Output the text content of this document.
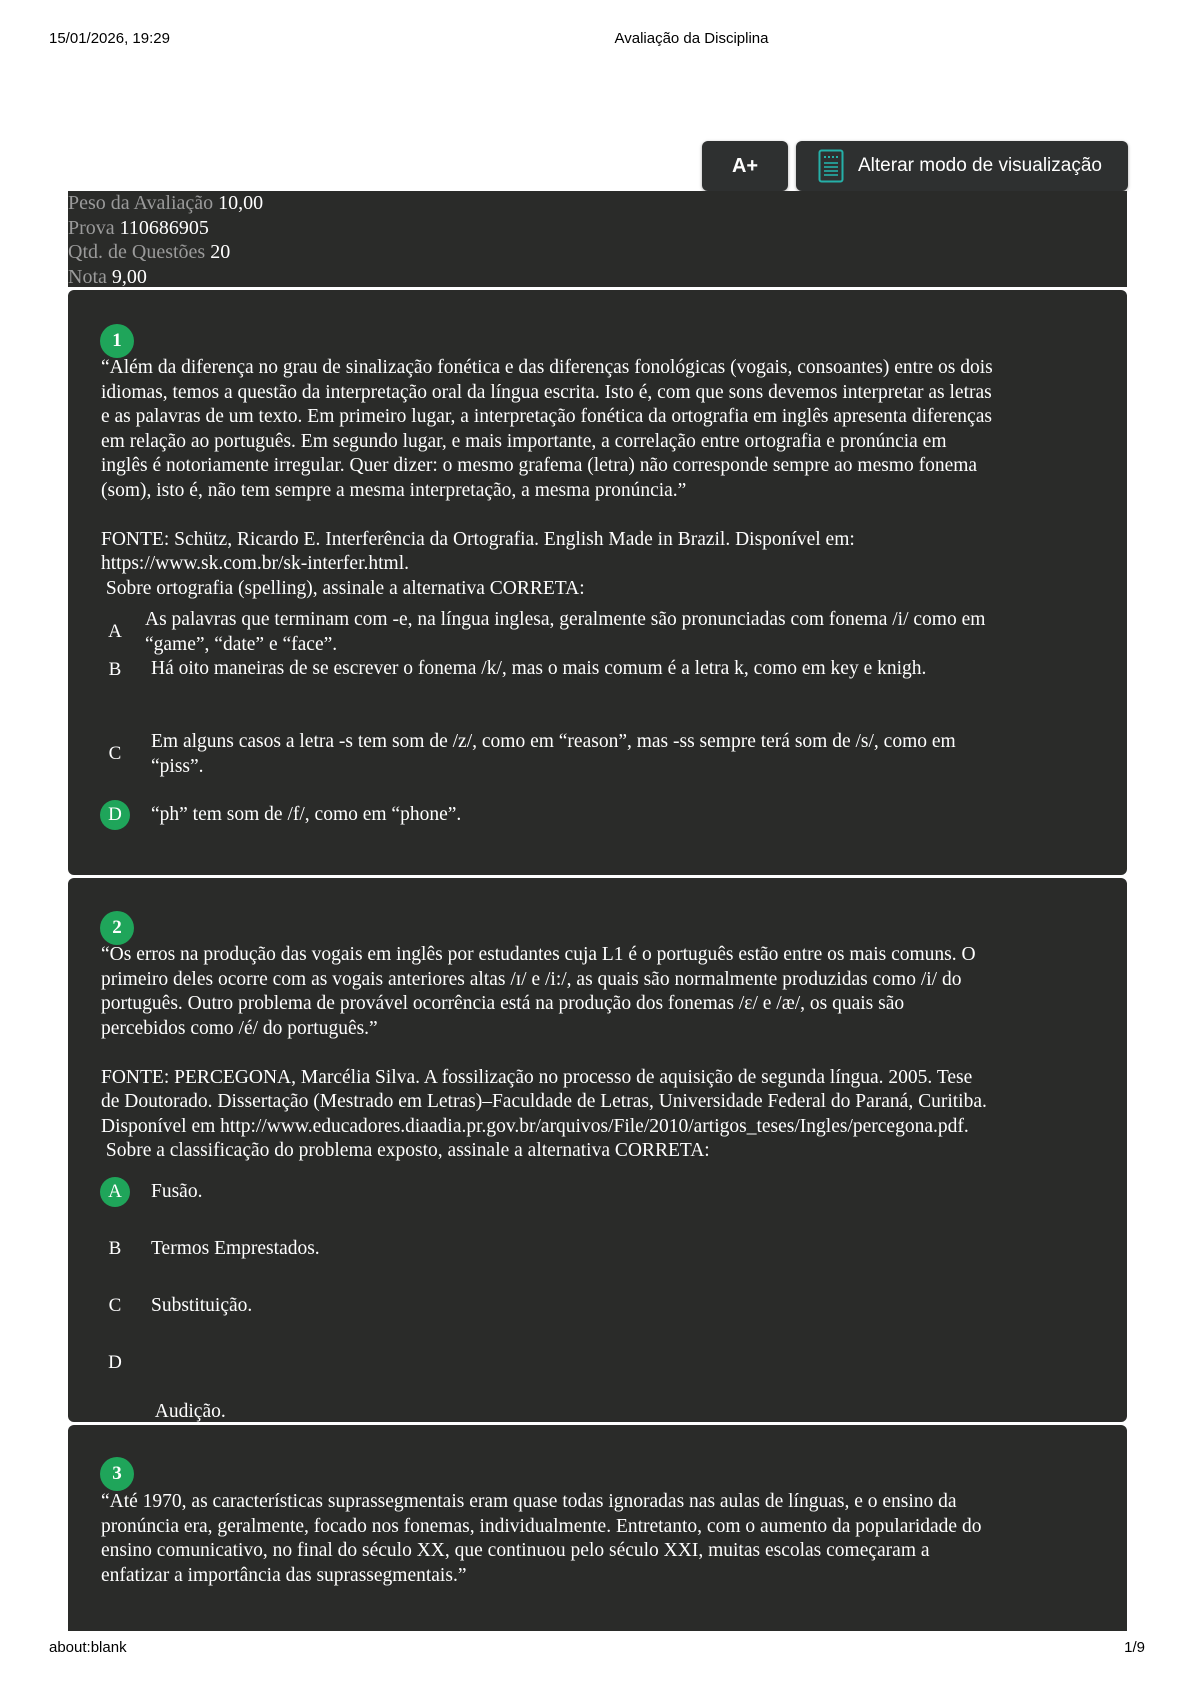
15/01/2026, 19:29	Avaliação da Disciplina
A+	Alterar modo de visualização
Peso da Avaliação 10,00
Prova 110686905
Qtd. de Questões 20
Nota 9,00
1
“Além da diferença no grau de sinalização fonética e das diferenças fonológicas (vogais, consoantes) entre os dois
idiomas, temos a questão da interpretação oral da língua escrita. Isto é, com que sons devemos interpretar as letras
e as palavras de um texto. Em primeiro lugar, a interpretação fonética da ortografia em inglês apresenta diferenças
em relação ao português. Em segundo lugar, e mais importante, a correlação entre ortografia e pronúncia em
inglês é notoriamente irregular. Quer dizer: o mesmo grafema (letra) não corresponde sempre ao mesmo fonema
(som), isto é, não tem sempre a mesma interpretação, a mesma pronúncia.”
FONTE: Schütz, Ricardo E. Interferência da Ortografia. English Made in Brazil. Disponível em:
https://www.sk.com.br/sk-interfer.html.
Sobre ortografia (spelling), assinale a alternativa CORRETA:
A
As palavras que terminam com -e, na língua inglesa, geralmente são pronunciadas com fonema /i/ como em
“game”, “date” e “face”.
B	Há oito maneiras de se escrever o fonema /k/, mas o mais comum é a letra k, como em key e knigh.
C
Em alguns casos a letra -s tem som de /z/, como em “reason”, mas -ss sempre terá som de /s/, como em
“piss”.
D	“ph” tem som de /f/, como em “phone”.
2
“Os erros na produção das vogais em inglês por estudantes cuja L1 é o português estão entre os mais comuns. O
primeiro deles ocorre com as vogais anteriores altas /ɪ/ e /i:/, as quais são normalmente produzidas como /i/ do
português. Outro problema de provável ocorrência está na produção dos fonemas /ɛ/ e /æ/, os quais são
percebidos como /é/ do português.”
FONTE: PERCEGONA, Marcélia Silva. A fossilização no processo de aquisição de segunda língua. 2005. Tese
de Doutorado. Dissertação (Mestrado em Letras)–Faculdade de Letras, Universidade Federal do Paraná, Curitiba.
Disponível em http://www.educadores.diaadia.pr.gov.br/arquivos/File/2010/artigos_teses/Ingles/percegona.pdf.
Sobre a classificação do problema exposto, assinale a alternativa CORRETA:
A	Fusão.
B	Termos Emprestados.
C	Substituição.
D

Audição.

3
“Até 1970, as características suprassegmentais eram quase todas ignoradas nas aulas de línguas, e o ensino da
pronúncia era, geralmente, focado nos fonemas, individualmente. Entretanto, com o aumento da popularidade do
ensino comunicativo, no final do século XX, que continuou pelo século XXI, muitas escolas começaram a
enfatizar a importância das suprassegmentais.”
about:blank	1/9
